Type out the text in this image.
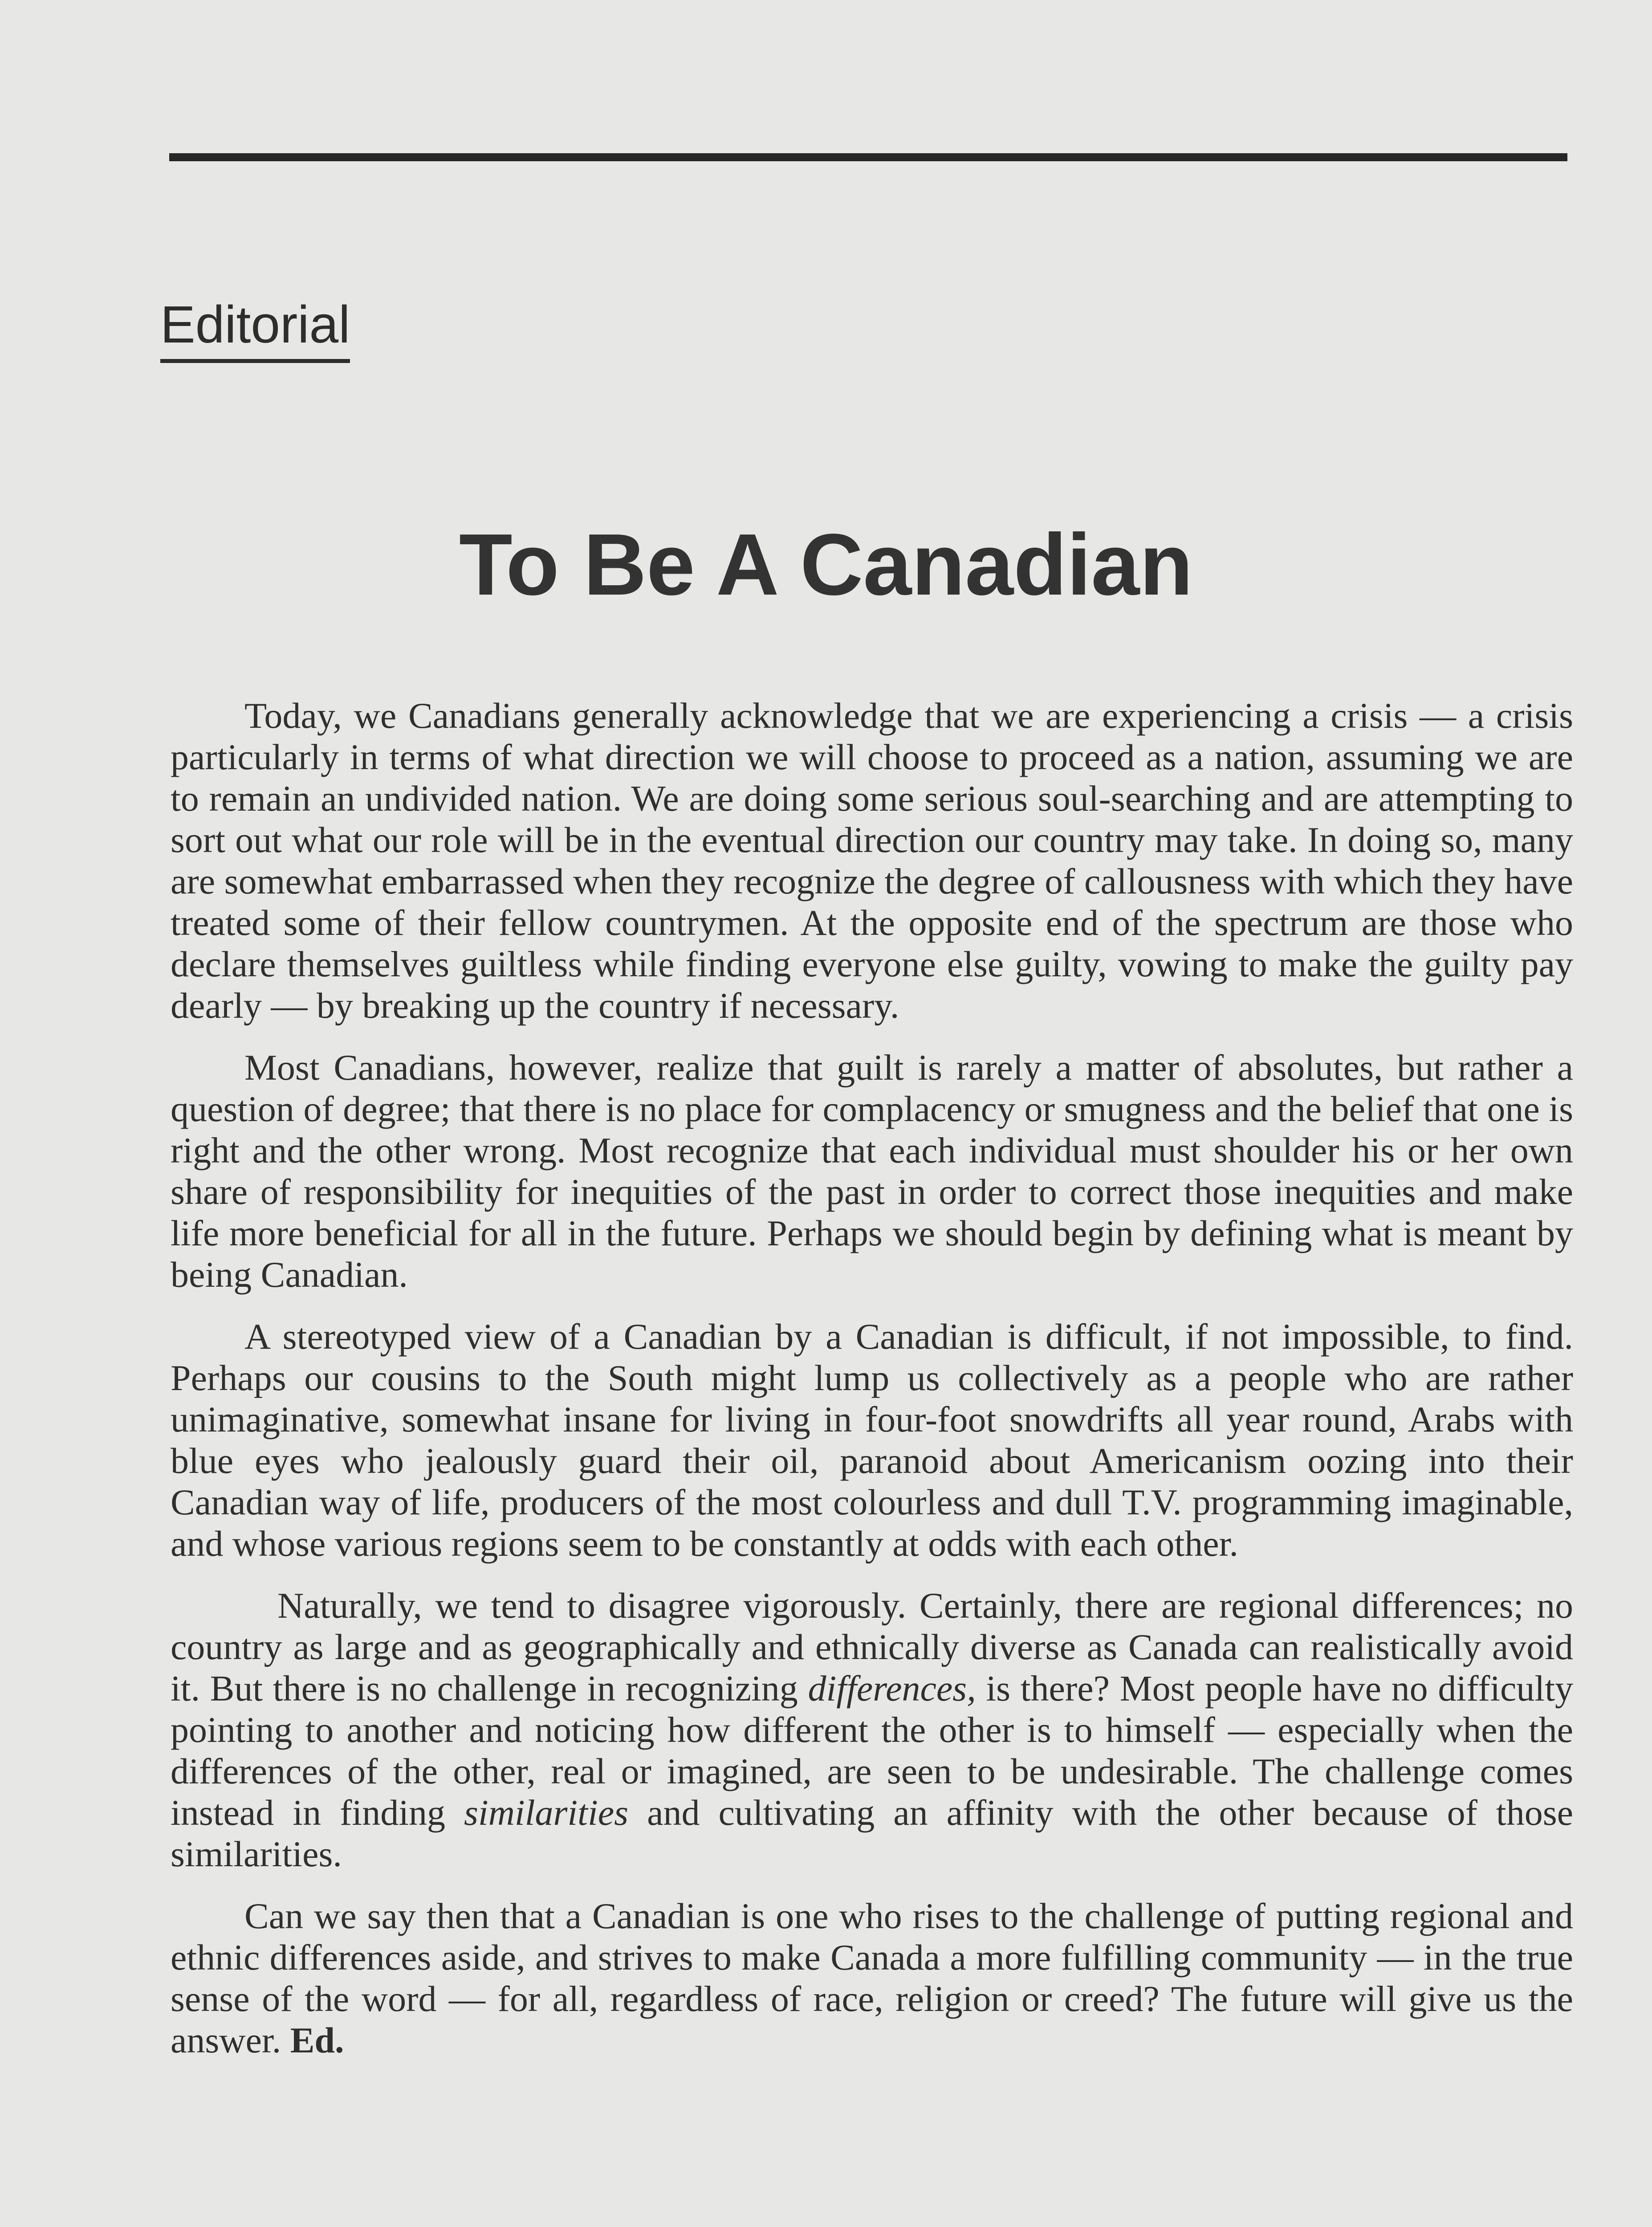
Editorial
To Be A Canadian

Today, we Canadians generally acknowledge that we are experiencing a crisis — a crisis particularly in terms of what direction we will choose to proceed as a nation, assuming we are to remain an undivided nation. We are doing some serious soul-searching and are attempting to sort out what our role will be in the eventual direction our country may take. In doing so, many are somewhat embarrassed when they recognize the degree of callousness with which they have treated some of their fellow countrymen. At the opposite end of the spectrum are those who declare themselves guiltless while finding everyone else guilty, vowing to make the guilty pay dearly — by breaking up the country if necessary.

Most Canadians, however, realize that guilt is rarely a matter of absolutes, but rather a question of degree; that there is no place for complacency or smugness and the belief that one is right and the other wrong. Most recognize that each individual must shoulder his or her own share of responsibility for inequities of the past in order to correct those inequities and make life more beneficial for all in the future. Perhaps we should begin by defining what is meant by being Canadian.

A stereotyped view of a Canadian by a Canadian is difficult, if not impossible, to find. Perhaps our cousins to the South might lump us collectively as a people who are rather unimaginative, somewhat insane for living in four-foot snowdrifts all year round, Arabs with blue eyes who jealously guard their oil, paranoid about Americanism oozing into their Canadian way of life, producers of the most colourless and dull T.V. programming imaginable, and whose various regions seem to be constantly at odds with each other.

Naturally, we tend to disagree vigorously. Certainly, there are regional differences; no country as large and as geographically and ethnically diverse as Canada can realistically avoid it. But there is no challenge in recognizing differences, is there? Most people have no difficulty pointing to another and noticing how different the other is to himself — especially when the differences of the other, real or imagined, are seen to be undesirable. The challenge comes instead in finding similarities and cultivating an affinity with the other because of those similarities.

Can we say then that a Canadian is one who rises to the challenge of putting regional and ethnic differences aside, and strives to make Canada a more fulfilling community — in the true sense of the word — for all, regardless of race, religion or creed? The future will give us the answer. Ed.
